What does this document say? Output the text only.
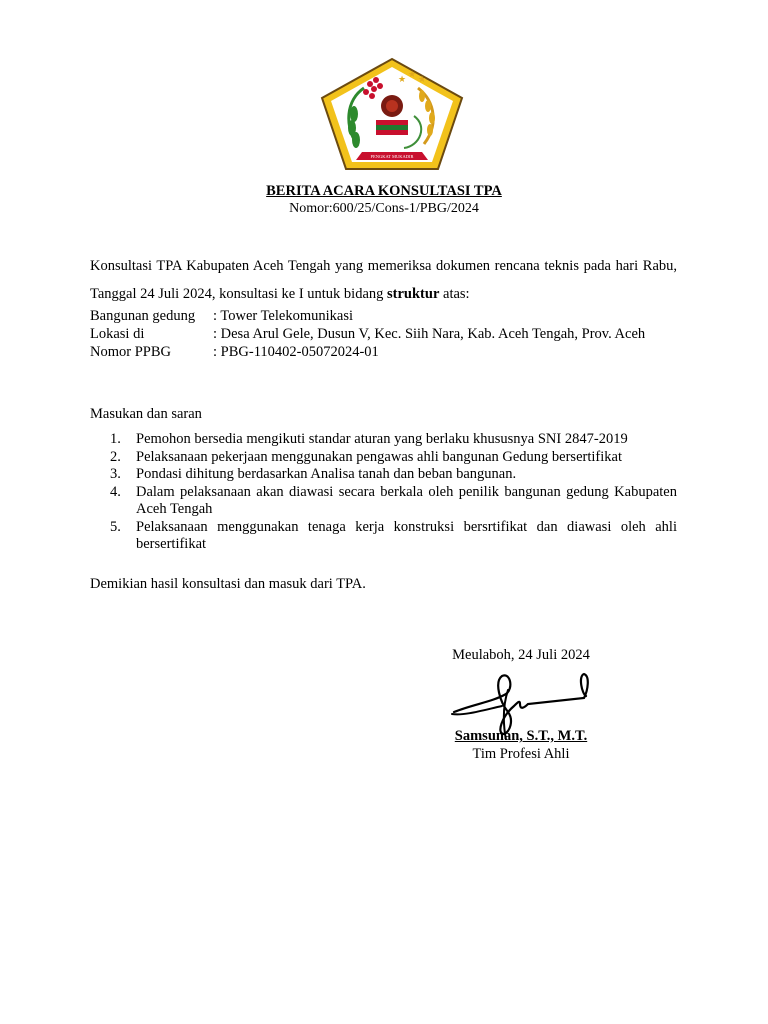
★ ★ ★
PENGKAT MUKADIR
BERITA ACARA KONSULTASI TPA
Nomor:600/25/Cons-1/PBG/2024
Konsultasi TPA Kabupaten Aceh Tengah yang memeriksa dokumen rencana teknis pada hari Rabu, Tanggal 24 Juli 2024, konsultasi ke I untuk bidang struktur atas:
Bangunan gedung	: Tower Telekomunikasi
Lokasi di	: Desa Arul Gele, Dusun V, Kec. Siih Nara, Kab. Aceh Tengah, Prov. Aceh
Nomor PPBG	: PBG-110402-05072024-01
Masukan dan saran
1.	Pemohon bersedia mengikuti standar aturan yang berlaku khususnya SNI 2847-2019
2.	Pelaksanaan pekerjaan menggunakan pengawas ahli bangunan Gedung bersertifikat
3.	Pondasi dihitung berdasarkan Analisa tanah dan beban bangunan.
4.	Dalam pelaksanaan akan diawasi secara berkala oleh penilik bangunan gedung Kabupaten Aceh Tengah
5.	Pelaksanaan menggunakan tenaga kerja konstruksi bersrtifikat dan diawasi oleh ahli bersertifikat
Demikian hasil konsultasi dan masuk dari TPA.
Meulaboh, 24 Juli 2024
Samsunan, S.T., M.T.
Tim Profesi Ahli
